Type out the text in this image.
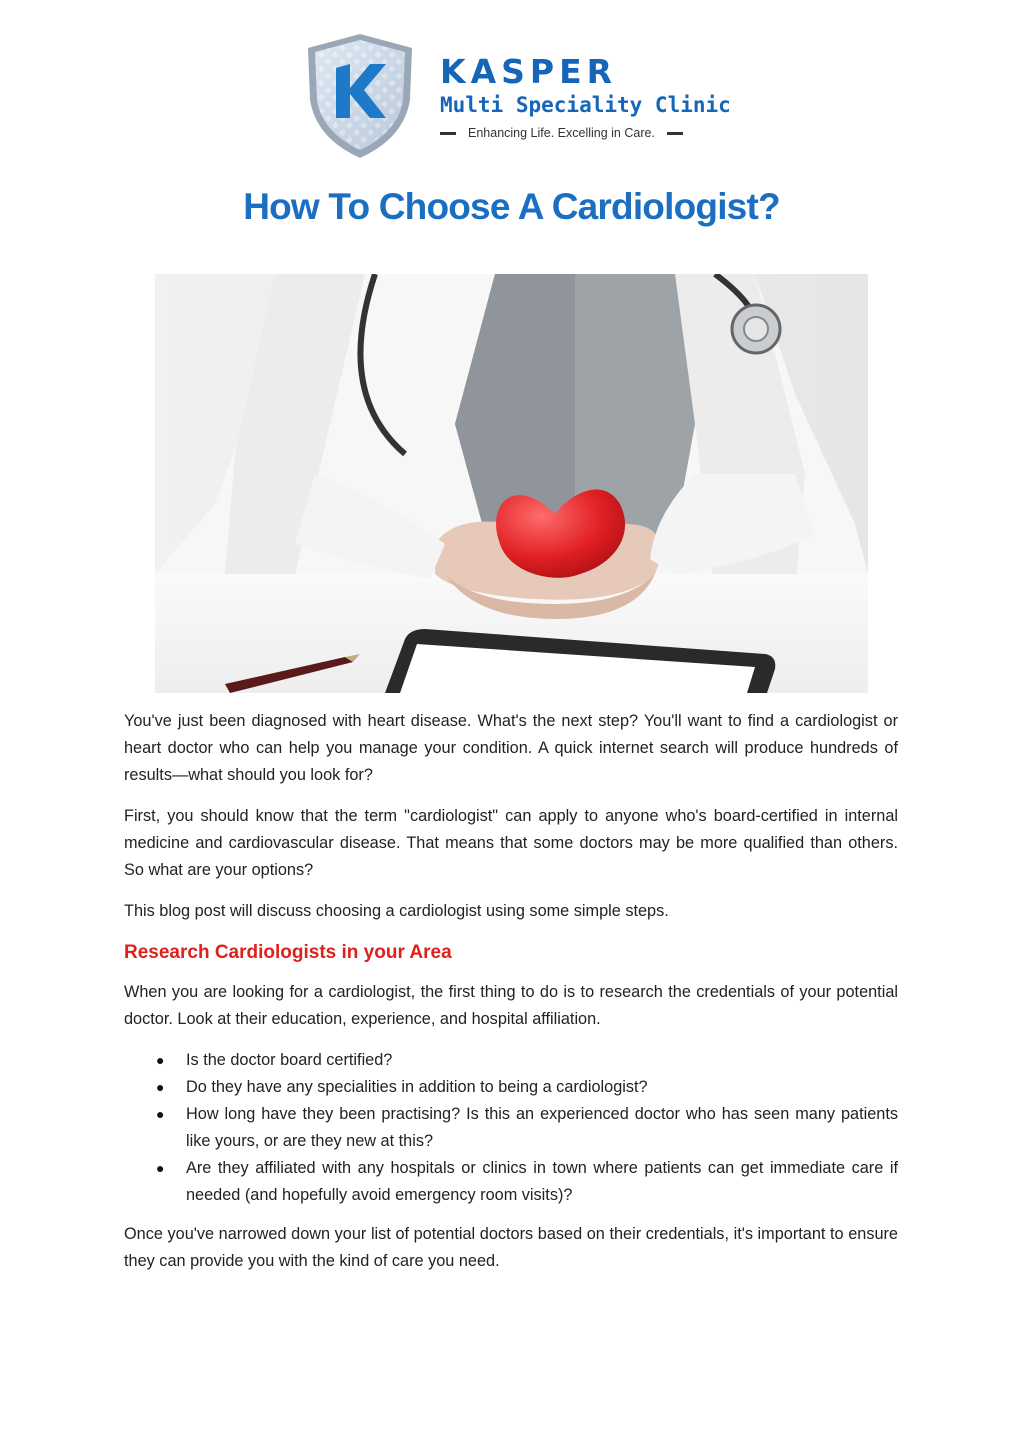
KASPER
Multi Speciality Clinic
Enhancing Life. Excelling in Care.
How To Choose A Cardiologist?

You've just been diagnosed with heart disease. What's the next step? You'll want to find a cardiologist or heart doctor who can help you manage your condition. A quick internet search will produce hundreds of results—what should you look for?

First, you should know that the term "cardiologist" can apply to anyone who's board-certified in internal medicine and cardiovascular disease. That means that some doctors may be more qualified than others. So what are your options?

This blog post will discuss choosing a cardiologist using some simple steps.

Research Cardiologists in your Area

When you are looking for a cardiologist, the first thing to do is to research the credentials of your potential doctor. Look at their education, experience, and hospital affiliation.

● Is the doctor board certified?
● Do they have any specialities in addition to being a cardiologist?
● How long have they been practising? Is this an experienced doctor who has seen many patients like yours, or are they new at this?
● Are they affiliated with any hospitals or clinics in town where patients can get immediate care if needed (and hopefully avoid emergency room visits)?

Once you've narrowed down your list of potential doctors based on their credentials, it's important to ensure they can provide you with the kind of care you need.
